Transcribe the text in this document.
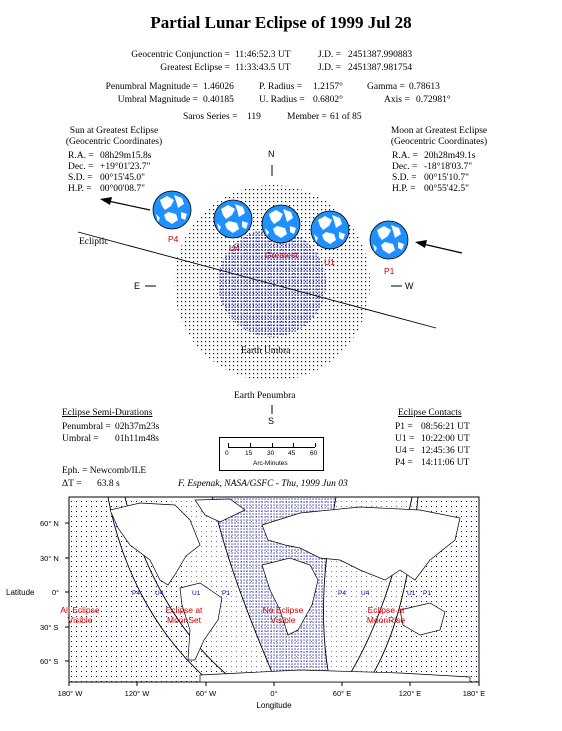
Partial Lunar Eclipse of 1999 Jul 28
Geocentric Conjunction = 11:46:52.3 UT	J.D. = 2451387.990883
Greatest Eclipse = 11:33:43.5 UT	J.D. = 2451387.981754
Penumbral Magnitude = 1.46026	P. Radius = 1.2157°	Gamma = 0.78613
Umbral Magnitude = 0.40185	U. Radius = 0.6802°	Axis = 0.72981°
Saros Series = 119	Member = 61 of 85
Sun at Greatest Eclipse
(Geocentric Coordinates)
R.A. = 08h29m15.8s
Dec. = +19°01'23.7"
S.D. = 00°15'45.0"
H.P. = 00°00'08.7"
Moon at Greatest Eclipse
(Geocentric Coordinates)
R.A. = 20h28m49.1s
Dec. = -18°18'03.7"
S.D. = 00°15'10.7"
H.P. = 00°55'42.5"
N
S
E	W
Ecliptic
Earth Umbra
Earth Penumbra
P4
U4
Greatest
U1
P1
Eclipse Semi-Durations
Penumbral = 02h37m23s
Umbral = 01h11m48s
0	15 30 45 60
Arc-Minutes
Eclipse Contacts
P1 = 08:56:21 UT
U1 = 10:22:00 UT
U4 = 12:45:36 UT
P4 = 14:11:06 UT
Eph. = Newcomb/ILE
ΔT = 63.8 s	F. Espenak, NASA/GSFC - Thu, 1999 Jun 03
60° N
30° N
0°
30° S
60° S
Latitude
180° W	120° W	60° W	0°	60° E	120° E	180° E
Longitude
All Eclipse
Visible
Eclipse at
MoonSet
No Eclipse
Visible
Eclipse at
MoonRise
P4 U4	U1	P1	P4 U4	U1 P1
